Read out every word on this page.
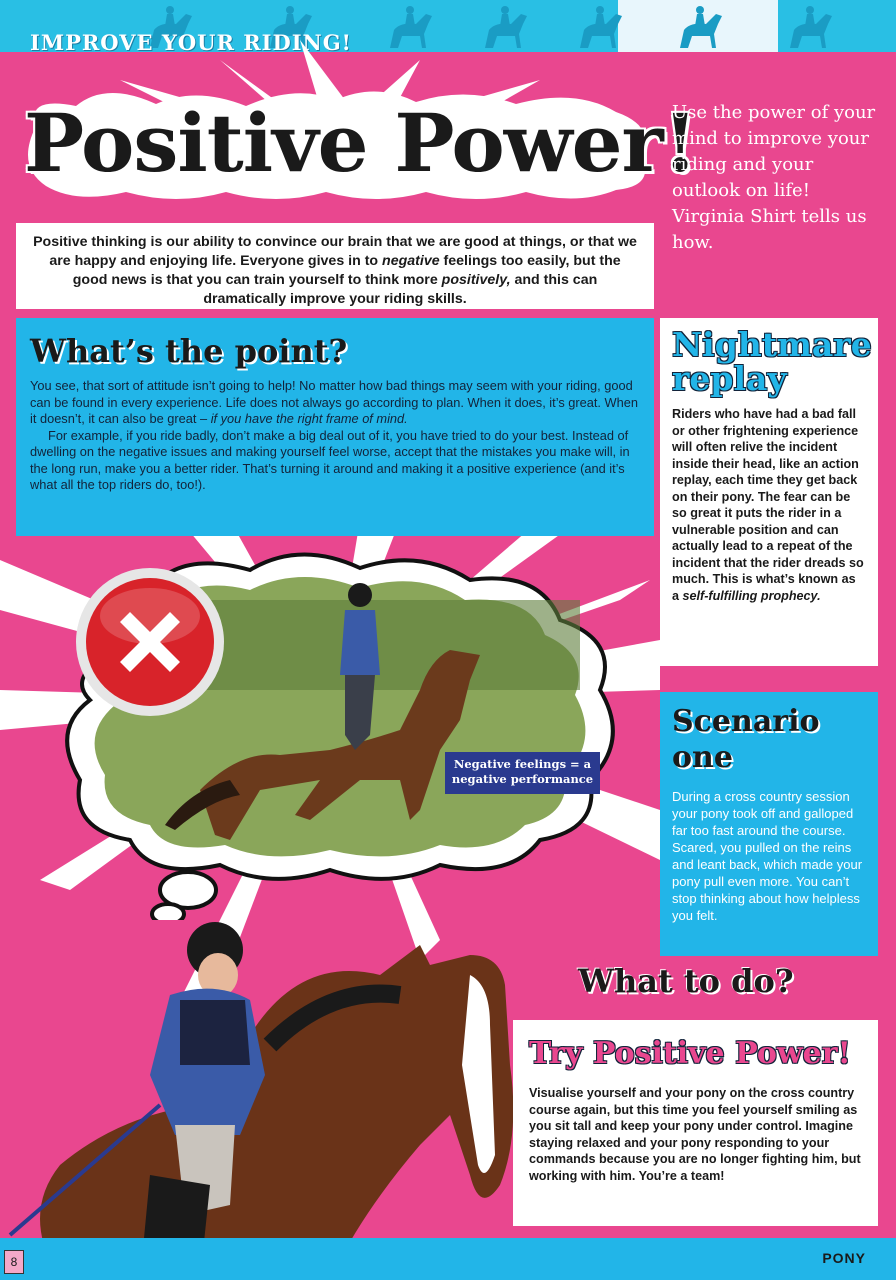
IMPROVE YOUR RIDING!
Positive Power!
Use the power of your mind to improve your riding and your outlook on life! Virginia Shirt tells us how.
Positive thinking is our ability to convince our brain that we are good at things, or that we are happy and enjoying life. Everyone gives in to negative feelings too easily, but the good news is that you can train yourself to think more positively, and this can dramatically improve your riding skills.
What’s the point?

You see, that sort of attitude isn’t going to help! No matter how bad things may seem with your riding, good can be found in every experience. Life does not always go according to plan. When it does, it’s great. When it doesn’t, it can also be great – if you have the right frame of mind.

For example, if you ride badly, don’t make a big deal out of it, you have tried to do your best. Instead of dwelling on the negative issues and making yourself feel worse, accept that the mistakes you make will, in the long run, make you a better rider. That’s turning it around and making it a positive experience (and it’s what all the top riders do, too!).

Nightmare
replay

Riders who have had a bad fall or other frightening experience will often relive the incident inside their head, like an action replay, each time they get back on their pony. The fear can be so great it puts the rider in a vulnerable position and can actually lead to a repeat of the incident that the rider dreads so much. This is what’s known as a self-fulfilling prophecy.

Negative feelings = a
negative performance
Scenario
one

During a cross country session your pony took off and galloped far too fast around the course. Scared, you pulled on the reins and leant back, which made your pony pull even more. You can’t stop thinking about how helpless you felt.

What to do?
Try Positive Power!

Visualise yourself and your pony on the cross country course again, but this time you feel yourself smiling as you sit tall and keep your pony under control. Imagine staying relaxed and your pony responding to your commands because you are no longer fighting him, but working with him. You’re a team!

8	PONY
